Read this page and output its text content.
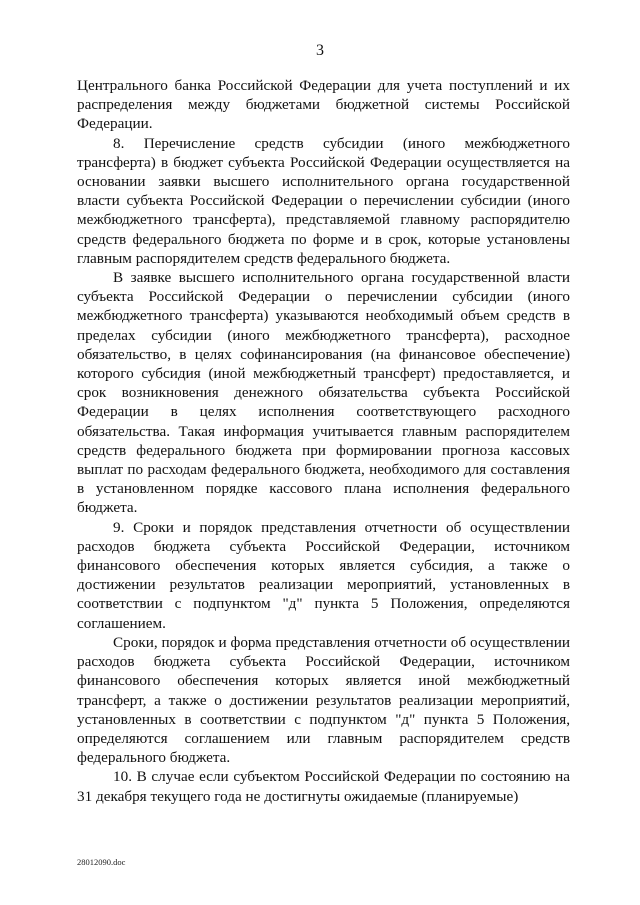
3

Центрального банка Российской Федерации для учета поступлений и их распределения между бюджетами бюджетной системы Российской Федерации.

8. Перечисление средств субсидии (иного межбюджетного трансферта) в бюджет субъекта Российской Федерации осуществляется на основании заявки высшего исполнительного органа государственной власти субъекта Российской Федерации о перечислении субсидии (иного межбюджетного трансферта), представляемой главному распорядителю средств федерального бюджета по форме и в срок, которые установлены главным распорядителем средств федерального бюджета.

В заявке высшего исполнительного органа государственной власти субъекта Российской Федерации о перечислении субсидии (иного межбюджетного трансферта) указываются необходимый объем средств в пределах субсидии (иного межбюджетного трансферта), расходное обязательство, в целях софинансирования (на финансовое обеспечение) которого субсидия (иной межбюджетный трансферт) предоставляется, и срок возникновения денежного обязательства субъекта Российской Федерации в целях исполнения соответствующего расходного обязательства. Такая информация учитывается главным распорядителем средств федерального бюджета при формировании прогноза кассовых выплат по расходам федерального бюджета, необходимого для составления в установленном порядке кассового плана исполнения федерального бюджета.

9. Сроки и порядок представления отчетности об осуществлении расходов бюджета субъекта Российской Федерации, источником финансового обеспечения которых является субсидия, а также о достижении результатов реализации мероприятий, установленных в соответствии с подпунктом "д" пункта 5 Положения, определяются соглашением.

Сроки, порядок и форма представления отчетности об осуществлении расходов бюджета субъекта Российской Федерации, источником финансового обеспечения которых является иной межбюджетный трансферт, а также о достижении результатов реализации мероприятий, установленных в соответствии с подпунктом "д" пункта 5 Положения, определяются соглашением или главным распорядителем средств федерального бюджета.

10. В случае если субъектом Российской Федерации по состоянию на 31 декабря текущего года не достигнуты ожидаемые (планируемые)

28012090.doc
